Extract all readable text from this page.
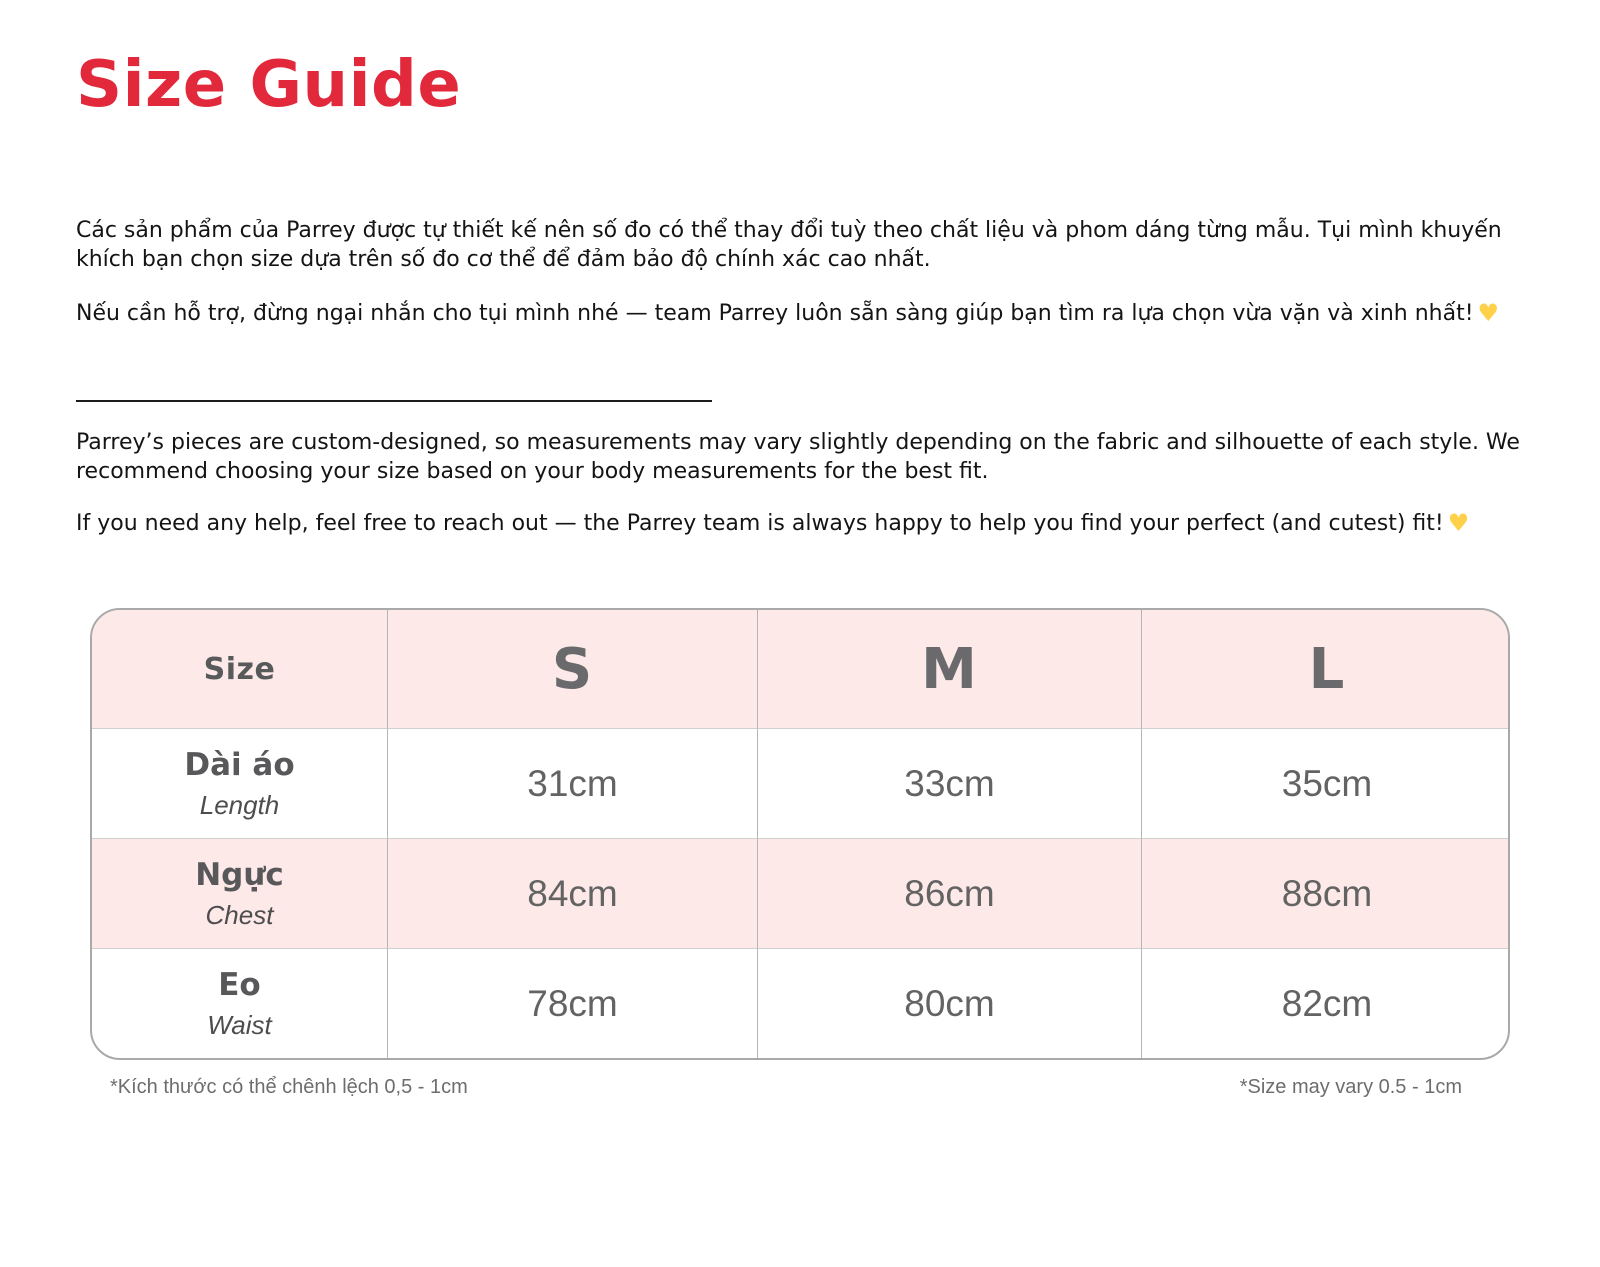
Size Guide

Các sản phẩm của Parrey được tự thiết kế nên số đo có thể thay đổi tuỳ theo chất liệu và phom dáng từng mẫu. Tụi mình khuyến khích bạn chọn size dựa trên số đo cơ thể để đảm bảo độ chính xác cao nhất.

Nếu cần hỗ trợ, đừng ngại nhắn cho tụi mình nhé — team Parrey luôn sẵn sàng giúp bạn tìm ra lựa chọn vừa vặn và xinh nhất! ♥

Parrey’s pieces are custom-designed, so measurements may vary slightly depending on the fabric and silhouette of each style. We recommend choosing your size based on your body measurements for the best fit.

If you need any help, feel free to reach out — the Parrey team is always happy to help you find your perfect (and cutest) fit! ♥

Size	S	M	L

Dài áo
Length	31cm	33cm	35cm

Ngực
Chest	84cm	86cm	88cm

Eo
Waist	78cm	80cm	82cm
*Kích thước có thể chênh lệch 0,5 - 1cm	*Size may vary 0.5 - 1cm
